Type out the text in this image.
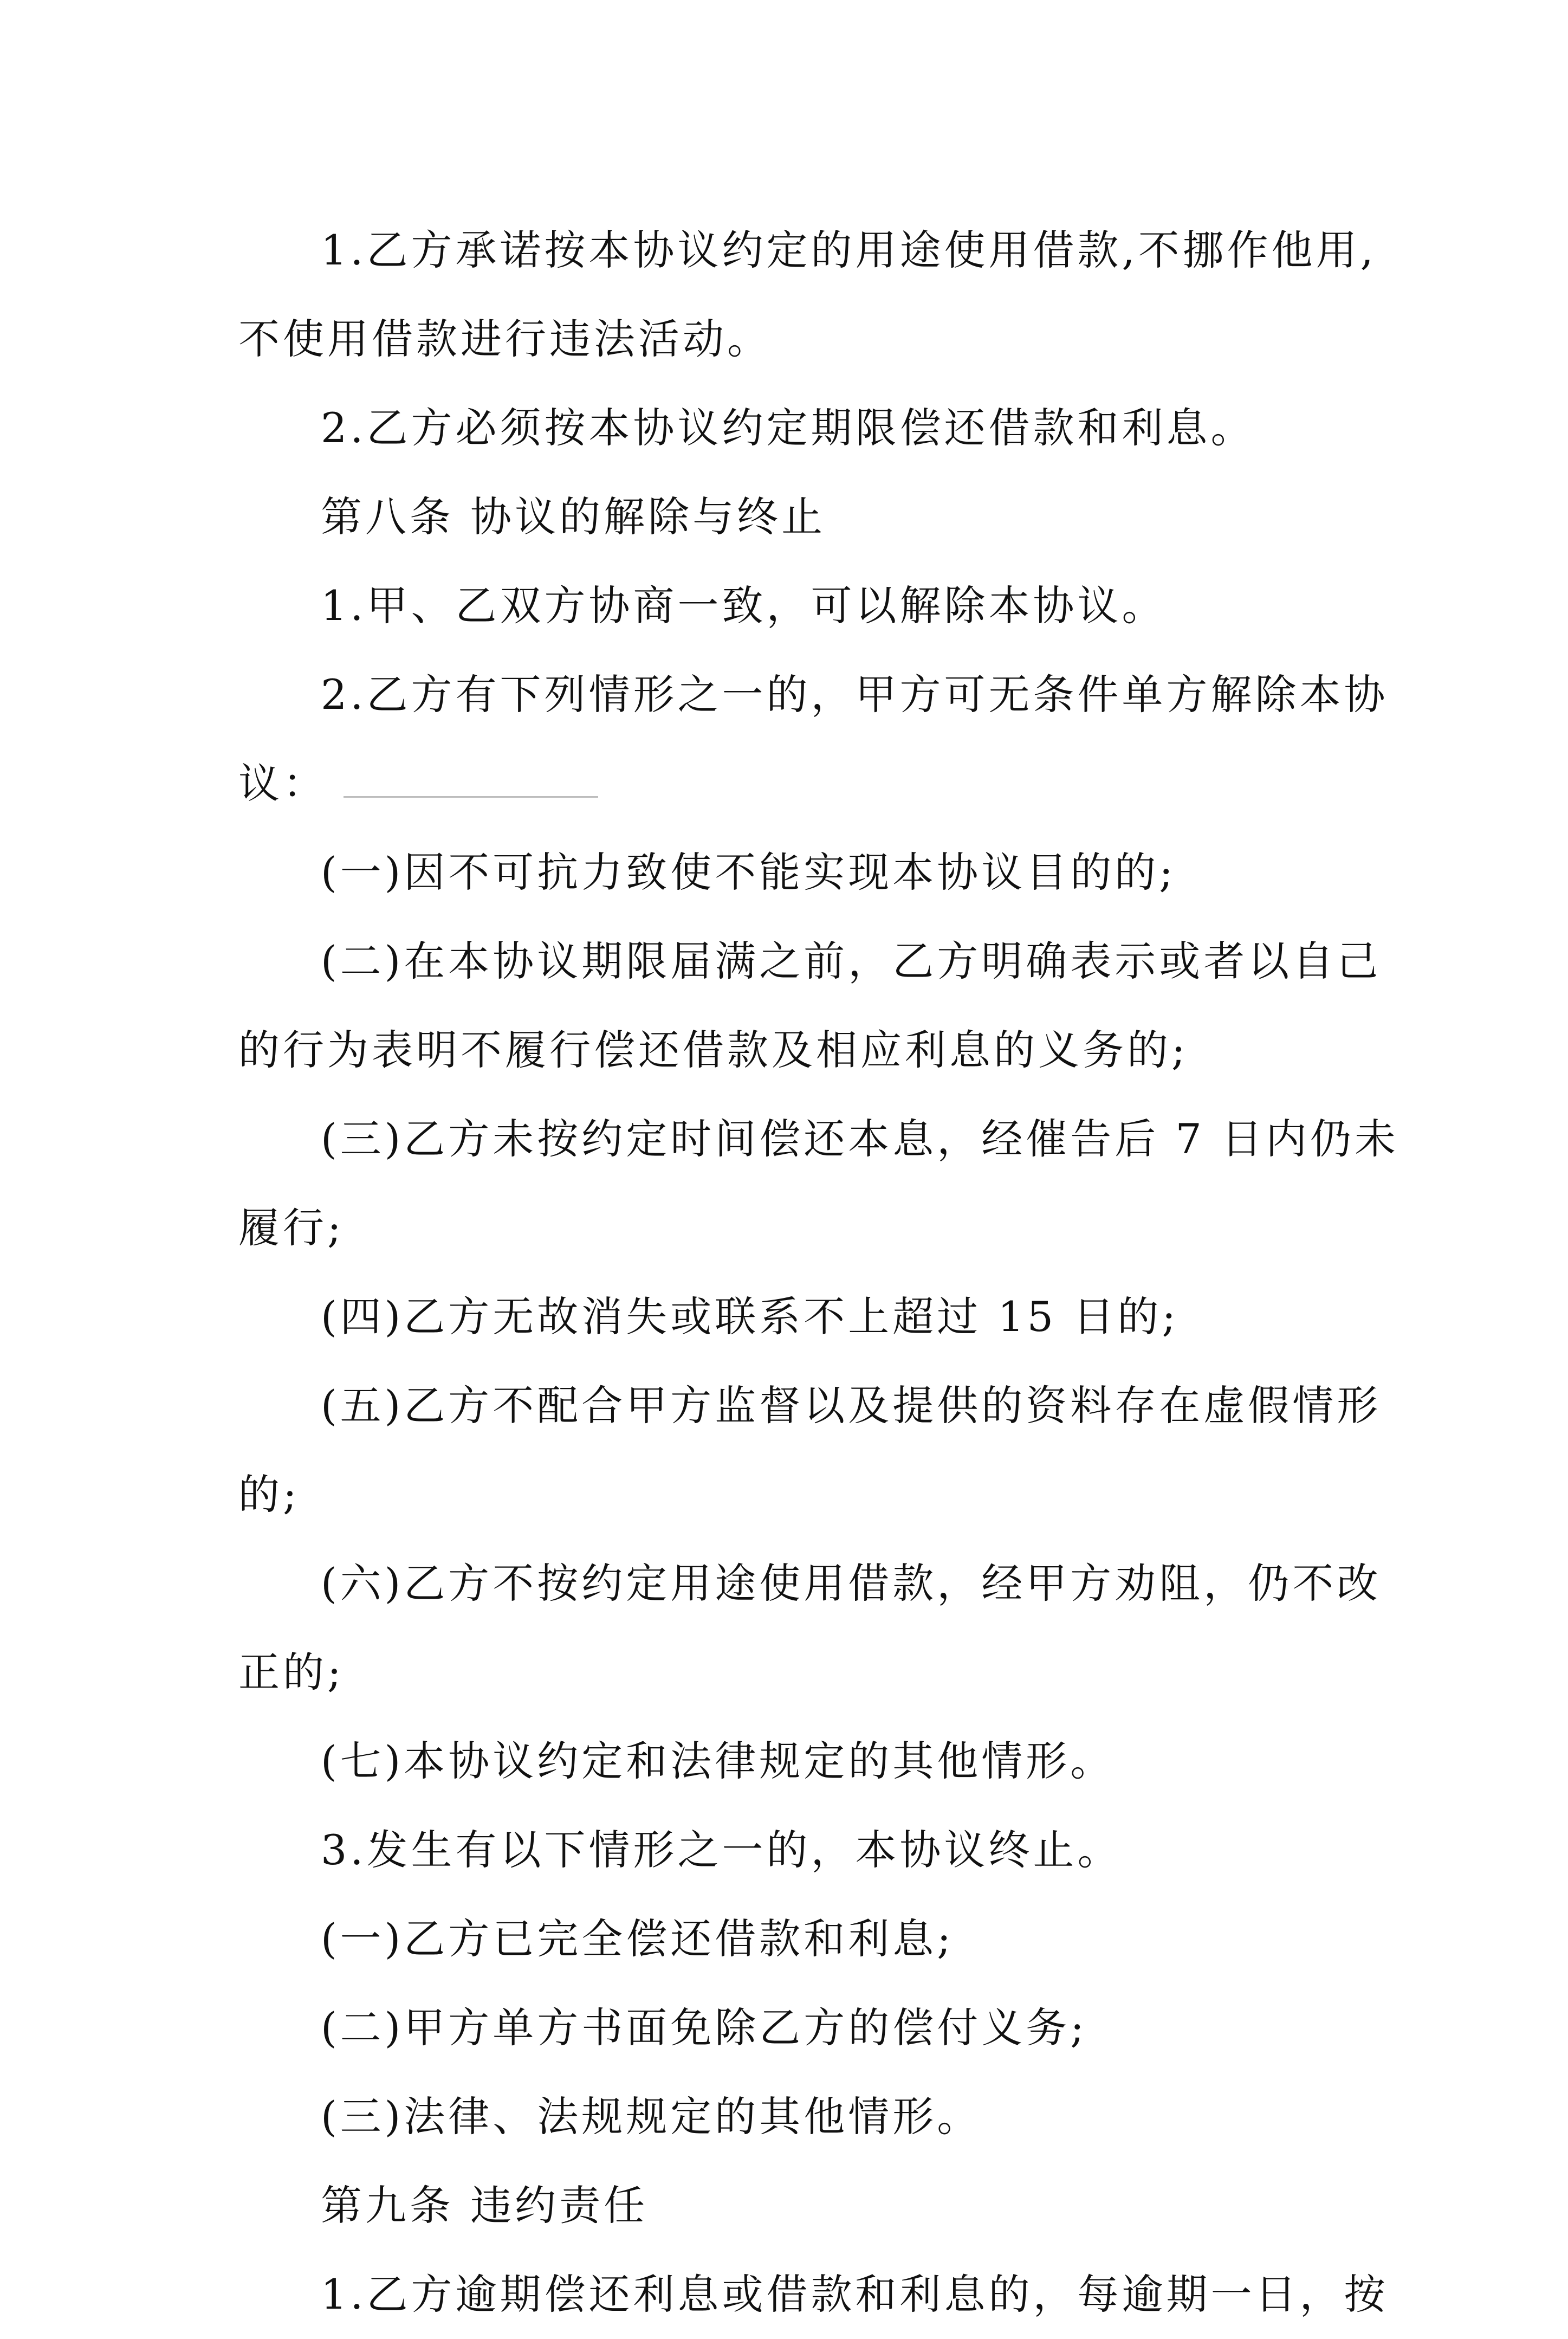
1.乙方承诺按本协议约定的用途使用借款,不挪作他用,不使用借款进行违法活动。

2.乙方必须按本协议约定期限偿还借款和利息。

第八条 协议的解除与终止

1.甲、乙双方协商一致，可以解除本协议。

2.乙方有下列情形之一的，甲方可无条件单方解除本协议：

(一)因不可抗力致使不能实现本协议目的的;

(二)在本协议期限届满之前，乙方明确表示或者以自己的行为表明不履行偿还借款及相应利息的义务的;

(三)乙方未按约定时间偿还本息，经催告后 7 日内仍未履行;

(四)乙方无故消失或联系不上超过 15 日的;

(五)乙方不配合甲方监督以及提供的资料存在虚假情形的;

(六)乙方不按约定用途使用借款，经甲方劝阻，仍不改正的;

(七)本协议约定和法律规定的其他情形。

3.发生有以下情形之一的，本协议终止。

(一)乙方已完全偿还借款和利息;

(二)甲方单方书面免除乙方的偿付义务;

(三)法律、法规规定的其他情形。

第九条 违约责任

1.乙方逾期偿还利息或借款和利息的，每逾期一日，按
